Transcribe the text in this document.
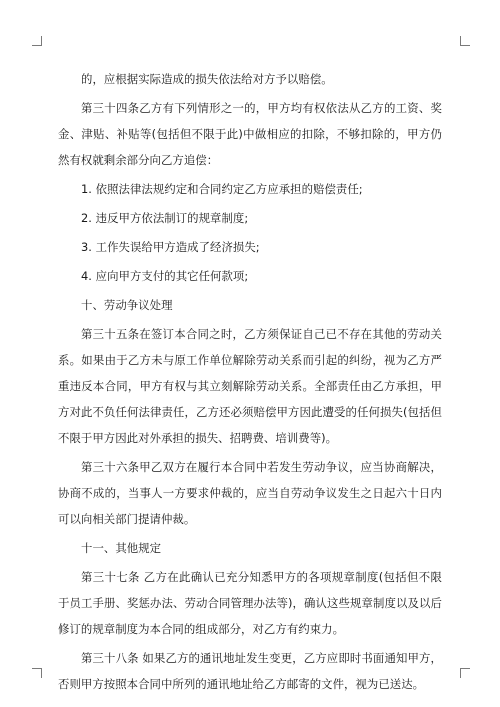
的，应根据实际造成的损失依法给对方予以赔偿。

第三十四条乙方有下列情形之一的，甲方均有权依法从乙方的工资、奖金、津贴、补贴等(包括但不限于此)中做相应的扣除，不够扣除的，甲方仍然有权就剩余部分向乙方追偿：

1. 依照法律法规约定和合同约定乙方应承担的赔偿责任;

2. 违反甲方依法制订的规章制度;

3. 工作失误给甲方造成了经济损失;

4. 应向甲方支付的其它任何款项;

十、劳动争议处理

第三十五条在签订本合同之时，乙方须保证自己已不存在其他的劳动关系。如果由于乙方未与原工作单位解除劳动关系而引起的纠纷，视为乙方严重违反本合同，甲方有权与其立刻解除劳动关系。全部责任由乙方承担，甲方对此不负任何法律责任，乙方还必须赔偿甲方因此遭受的任何损失(包括但不限于甲方因此对外承担的损失、招聘费、培训费等)。

第三十六条甲乙双方在履行本合同中若发生劳动争议，应当协商解决，协商不成的，当事人一方要求仲裁的，应当自劳动争议发生之日起六十日内可以向相关部门提请仲裁。

十一、其他规定

第三十七条 乙方在此确认已充分知悉甲方的各项规章制度(包括但不限于员工手册、奖惩办法、劳动合同管理办法等)，确认这些规章制度以及以后修订的规章制度为本合同的组成部分，对乙方有约束力。

第三十八条 如果乙方的通讯地址发生变更，乙方应即时书面通知甲方，否则甲方按照本合同中所列的通讯地址给乙方邮寄的文件，视为已送达。
